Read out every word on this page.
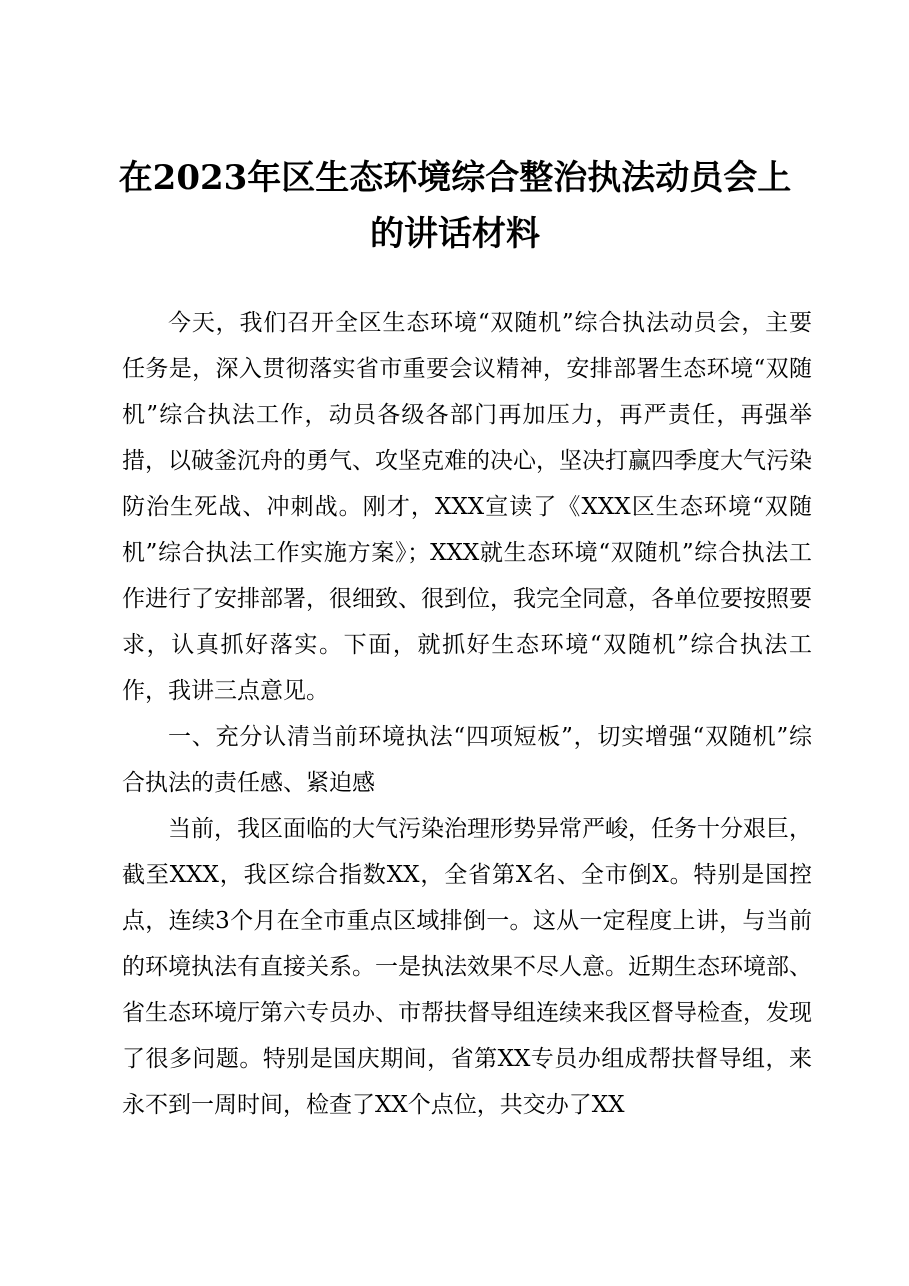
在2023年区生态环境综合整治执法动员会上的讲话材料

今天，我们召开全区生态环境“双随机”综合执法动员会，主要任务是，深入贯彻落实省市重要会议精神，安排部署生态环境“双随机”综合执法工作，动员各级各部门再加压力，再严责任，再强举措，以破釜沉舟的勇气、攻坚克难的决心，坚决打赢四季度大气污染防治生死战、冲刺战。刚才，XXX宣读了《XXX区生态环境“双随机”综合执法工作实施方案》；XXX就生态环境“双随机”综合执法工作进行了安排部署，很细致、很到位，我完全同意，各单位要按照要求，认真抓好落实。下面，就抓好生态环境“双随机”综合执法工作，我讲三点意见。

一、充分认清当前环境执法“四项短板”，切实增强“双随机”综合执法的责任感、紧迫感

当前，我区面临的大气污染治理形势异常严峻，任务十分艰巨，截至XXX，我区综合指数XX，全省第X名、全市倒X。特别是国控点，连续3个月在全市重点区域排倒一。这从一定程度上讲，与当前的环境执法有直接关系。一是执法效果不尽人意。近期生态环境部、省生态环境厅第六专员办、市帮扶督导组连续来我区督导检查，发现了很多问题。特别是国庆期间，省第XX专员办组成帮扶督导组，来永不到一周时间，检查了XX个点位，共交办了XX
